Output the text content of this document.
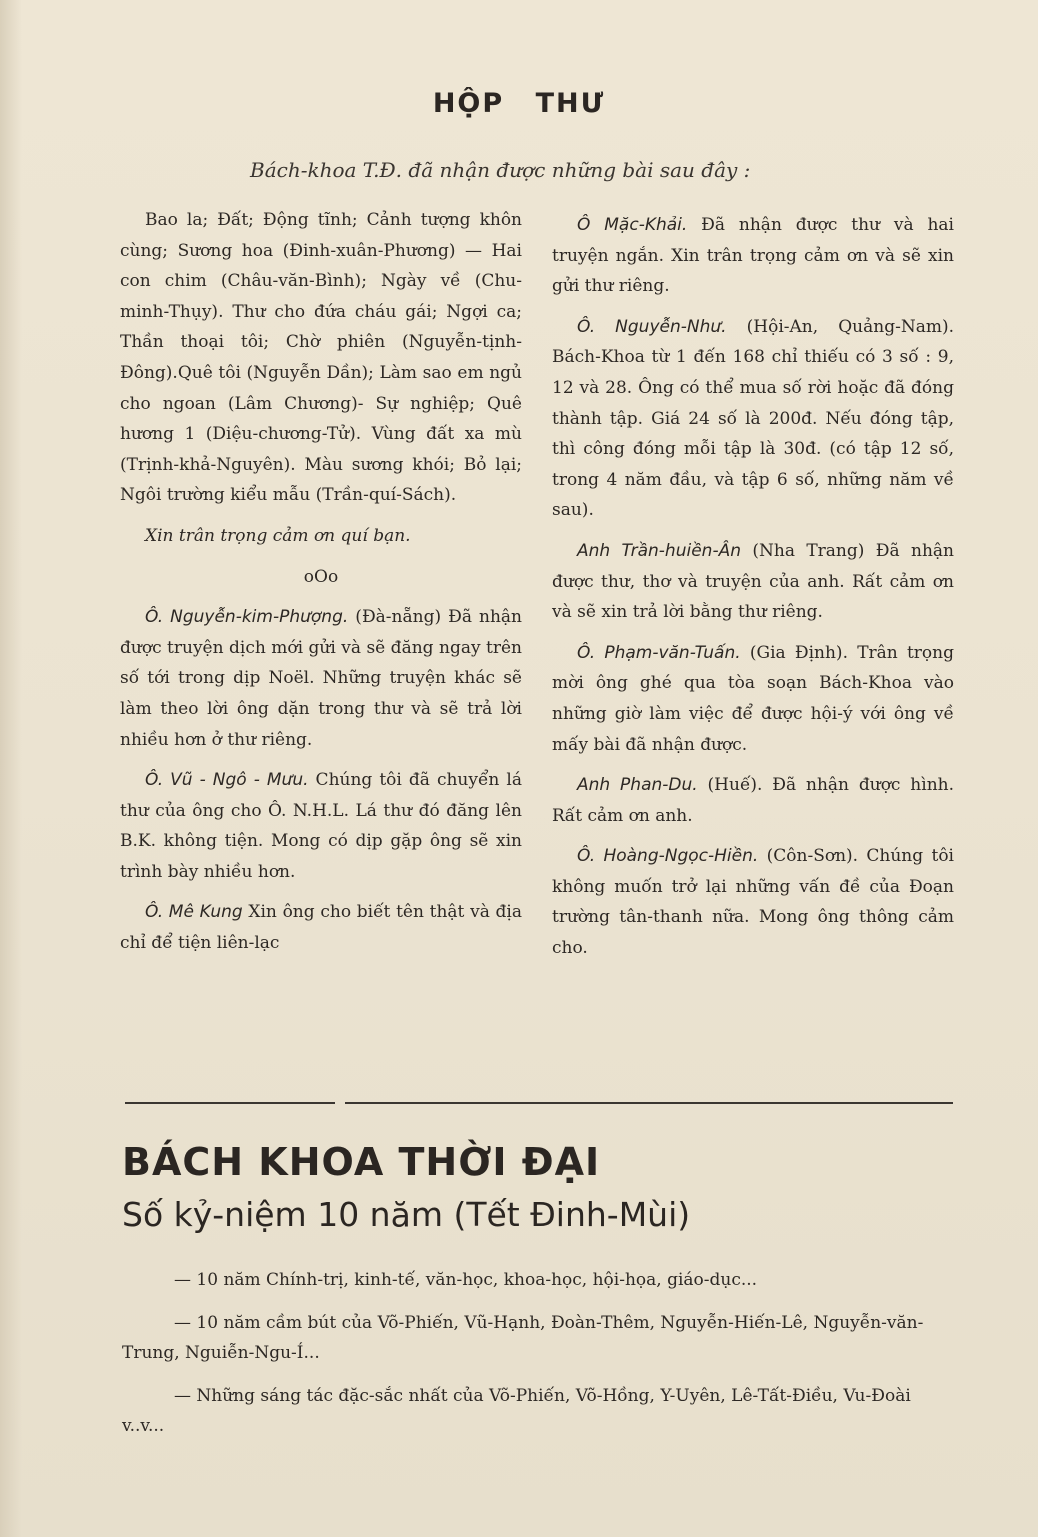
HỘP THƯ
Bách-khoa T.Đ. đã nhận được những bài sau đây :

Bao la; Đất; Động tĩnh; Cảnh tượng khôn cùng; Sương hoa (Đinh-xuân-Phương) — Hai con chim (Châu-văn-Bình); Ngày về (Chu-minh-Thụy). Thư cho đứa cháu gái; Ngợi ca; Thần thoại tôi; Chờ phiên (Nguyễn-tịnh-Đông).Quê tôi (Nguyễn Dần); Làm sao em ngủ cho ngoan (Lâm Chương)- Sự nghiệp; Quê hương 1 (Diệu-chương-Tử). Vùng đất xa mù (Trịnh-khả-Nguyên). Màu sương khói; Bỏ lại; Ngôi trường kiểu mẫu (Trần-quí-Sách).

Xin trân trọng cảm ơn quí bạn.

oOo

Ô. Nguyễn-kim-Phượng. (Đà-nẵng) Đã nhận được truyện dịch mới gửi và sẽ đăng ngay trên số tới trong dịp Noël. Những truyện khác sẽ làm theo lời ông dặn trong thư và sẽ trả lời nhiều hơn ở thư riêng.

Ô. Vũ - Ngô - Mưu. Chúng tôi đã chuyển lá thư của ông cho Ô. N.H.L. Lá thư đó đăng lên B.K. không tiện. Mong có dịp gặp ông sẽ xin trình bày nhiều hơn.

Ô. Mê Kung Xin ông cho biết tên thật và địa chỉ để tiện liên-lạc

Ô Mặc-Khải. Đã nhận được thư và hai truyện ngắn. Xin trân trọng cảm ơn và sẽ xin gửi thư riêng.

Ô. Nguyễn-Như. (Hội-An, Quảng-Nam). Bách-Khoa từ 1 đến 168 chỉ thiếu có 3 số : 9, 12 và 28. Ông có thể mua số rời hoặc đã đóng thành tập. Giá 24 số là 200đ. Nếu đóng tập, thì công đóng mỗi tập là 30đ. (có tập 12 số, trong 4 năm đầu, và tập 6 số, những năm về sau).

Anh Trần-huiền-Ân (Nha Trang) Đã nhận được thư, thơ và truyện của anh. Rất cảm ơn và sẽ xin trả lời bằng thư riêng.

Ô. Phạm-văn-Tuấn. (Gia Định). Trân trọng mời ông ghé qua tòa soạn Bách-Khoa vào những giờ làm việc để được hội-ý với ông về mấy bài đã nhận được.

Anh Phan-Du. (Huế). Đã nhận được hình. Rất cảm ơn anh.

Ô. Hoàng-Ngọc-Hiền. (Côn-Sơn). Chúng tôi không muốn trở lại những vấn đề của Đoạn trường tân-thanh nữa. Mong ông thông cảm cho.

BÁCH KHOA THỜI ĐẠI
Số kỷ-niệm 10 năm (Tết Đinh-Mùi)

— 10 năm Chính-trị, kinh-tế, văn-học, khoa-học, hội-họa, giáo-dục...

— 10 năm cầm bút của Võ-Phiến, Vũ-Hạnh, Đoàn-Thêm, Nguyễn-Hiến-Lê, Nguyễn-văn-Trung, Nguiễn-Ngu-Í...

— Những sáng tác đặc-sắc nhất của Võ-Phiến, Võ-Hồng, Y-Uyên, Lê-Tất-Điều, Vu-Đoài v..v...
